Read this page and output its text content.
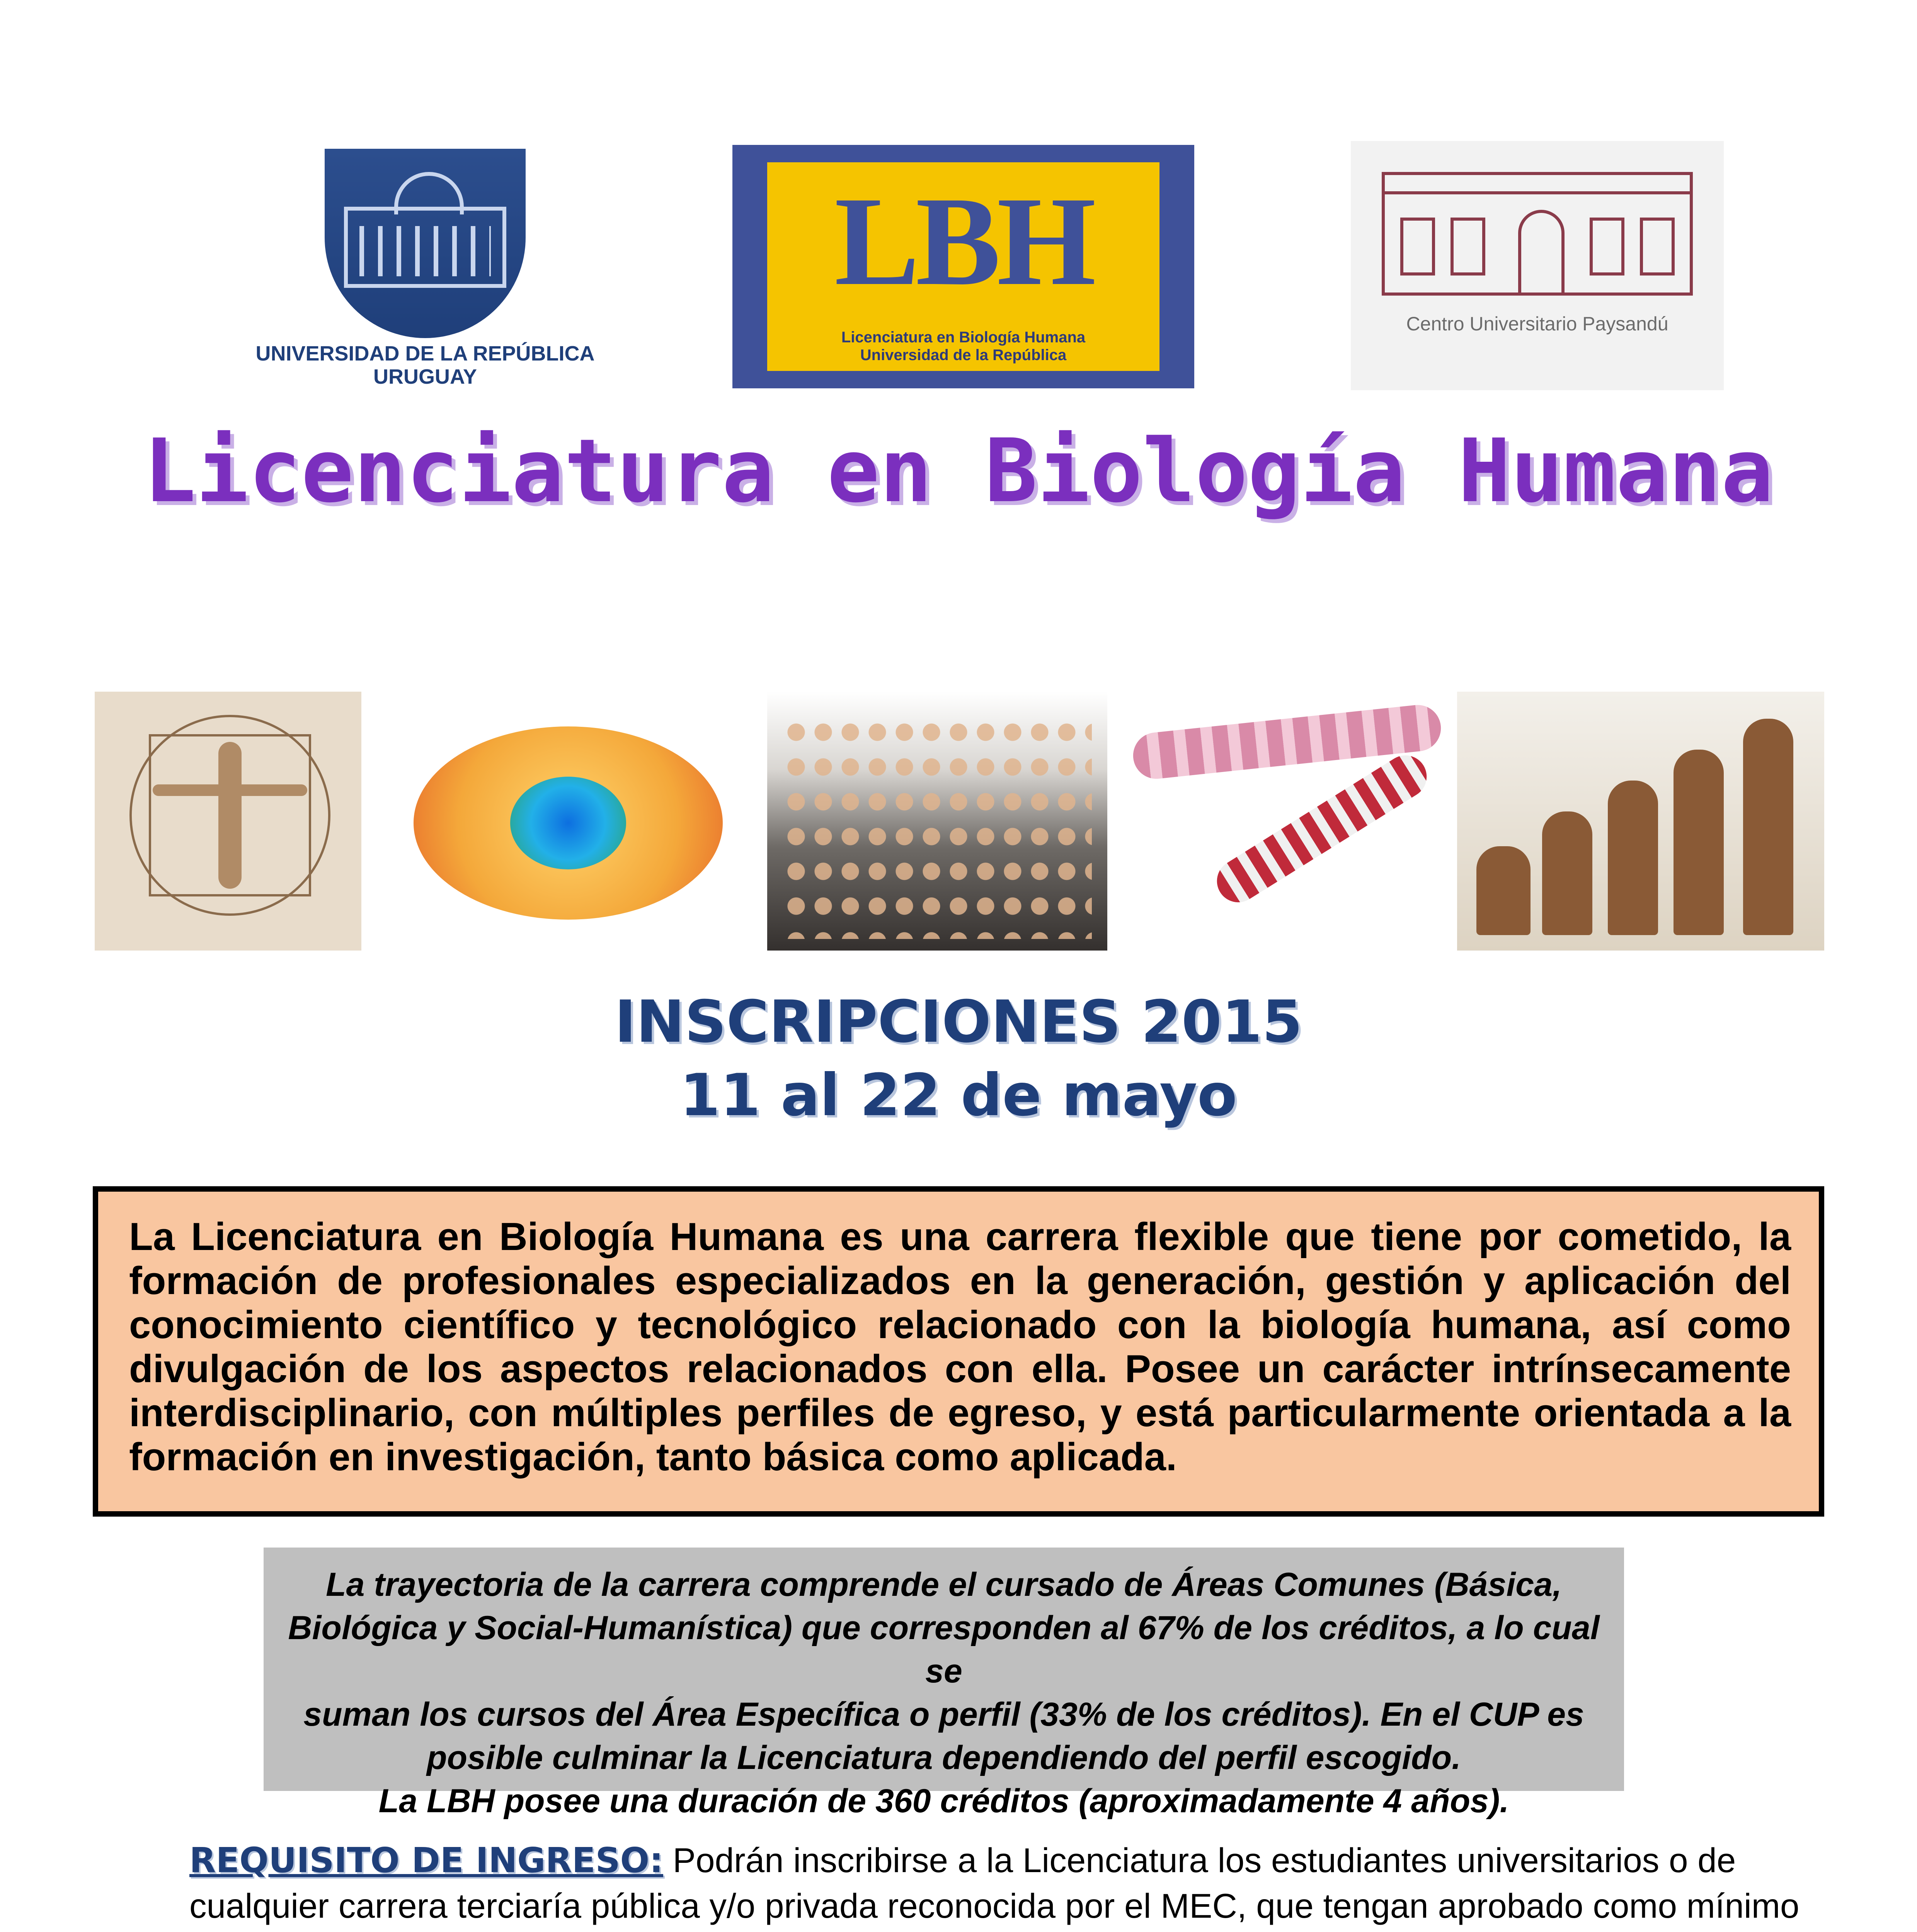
UNIVERSIDAD DE LA REPÚBLICA
URUGUAY
LBH
Licenciatura en Biología Humana
Universidad de la República
Centro Universitario Paysandú
Licenciatura en Biología Humana
INSCRIPCIONES 2015
11 al 22 de mayo

La Licenciatura en Biología Humana es una carrera flexible que tiene por cometido, la formación de profesionales especializados en la generación, gestión y aplicación del conocimiento científico y tecnológico relacionado con la biología humana, así como divulgación de los aspectos relacionados con ella. Posee un carácter intrínsecamente interdisciplinario, con múltiples perfiles de egreso, y está particularmente orientada a la formación en investigación, tanto básica como aplicada.

La trayectoria de la carrera comprende el cursado de Áreas Comunes (Básica,
Biológica y Social-Humanística) que corresponden al 67% de los créditos, a lo cual se
suman los cursos del Área Específica o perfil (33% de los créditos). En el CUP es
posible culminar la Licenciatura dependiendo del perfil escogido.
La LBH posee una duración de 360 créditos (aproximadamente 4 años).

REQUISITO DE INGRESO: Podrán inscribirse a la Licenciatura los estudiantes universitarios o de cualquier carrera terciaría pública y/o privada reconocida por el MEC, que tengan aprobado como mínimo
